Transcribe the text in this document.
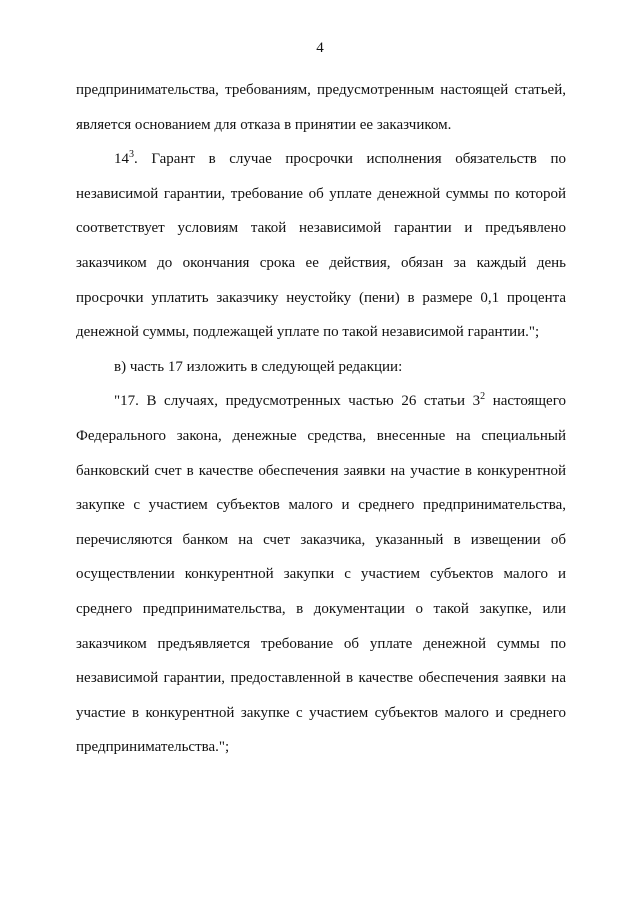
4
предпринимательства, требованиям, предусмотренным настоящей статьей,
является основанием для отказа в принятии ее заказчиком.
$14^3$. Гарант в случае просрочки исполнения обязательств по
независимой гарантии, требование об уплате денежной суммы по которой
соответствует условиям такой независимой гарантии и предъявлено
заказчиком до окончания срока ее действия, обязан за каждый день
просрочки уплатить заказчику неустойку (пени) в размере 0,1 процента
денежной суммы, подлежащей уплате по такой независимой гарантии.";
в) часть 17 изложить в следующей редакции:
"17. В случаях, предусмотренных частью 26 статьи $3^2$ настоящего
Федерального закона, денежные средства, внесенные на специальный
банковский счет в качестве обеспечения заявки на участие в конкурентной
закупке с участием субъектов малого и среднего предпринимательства,
перечисляются банком на счет заказчика, указанный в извещении об
осуществлении конкурентной закупки с участием субъектов малого и
среднего предпринимательства, в документации о такой закупке, или
заказчиком предъявляется требование об уплате денежной суммы по
независимой гарантии, предоставленной в качестве обеспечения заявки на
участие в конкурентной закупке с участием субъектов малого и среднего
предпринимательства.";
